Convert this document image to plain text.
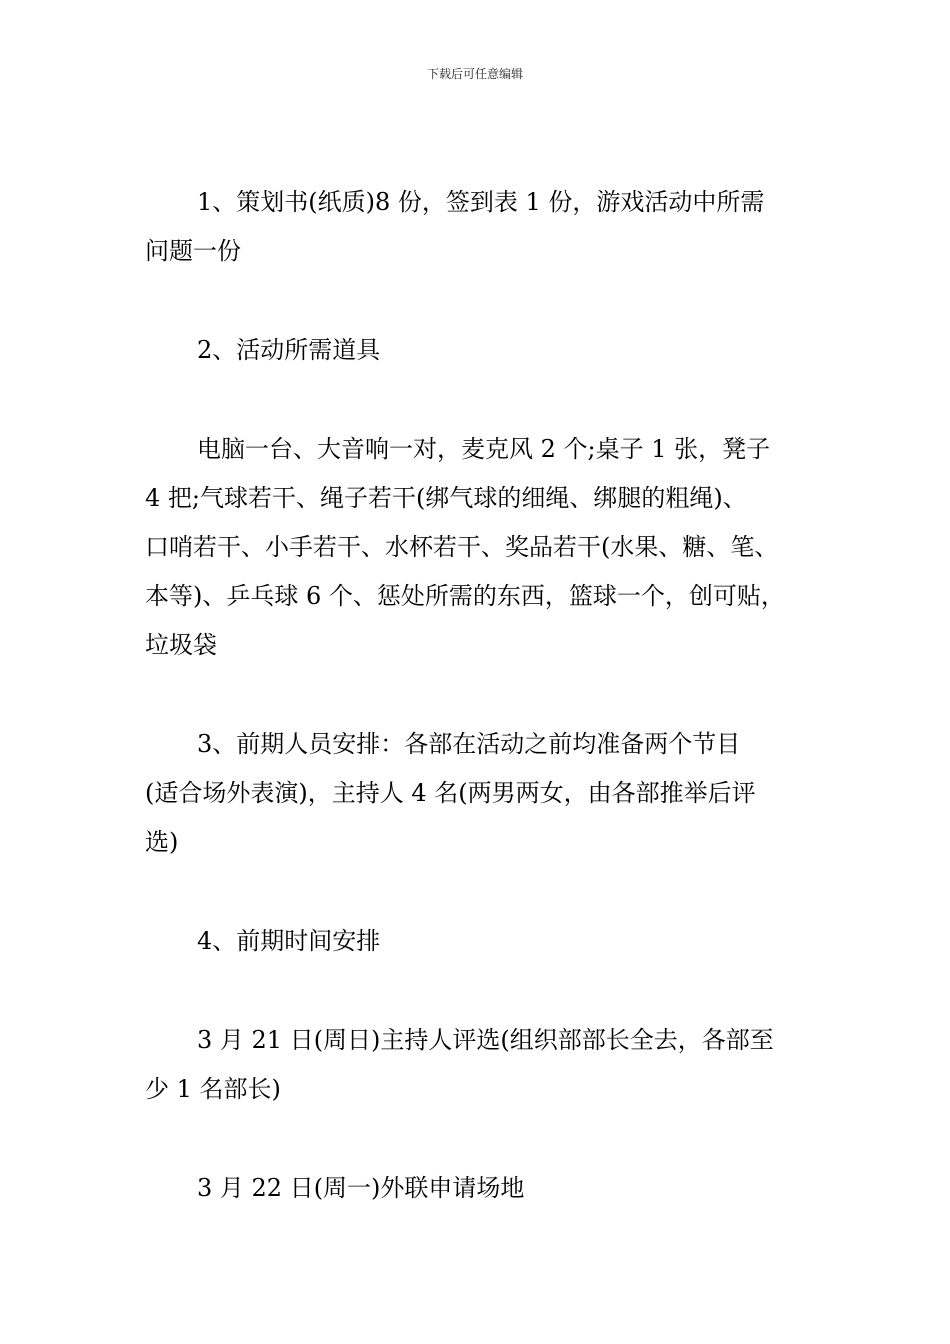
下载后可任意编辑
1、策划书(纸质)8 份，签到表 1 份，游戏活动中所需
问题一份
2、活动所需道具
电脑一台、大音响一对，麦克风 2 个;桌子 1 张，凳子
4 把;气球若干、绳子若干(绑气球的细绳、绑腿的粗绳)、
口哨若干、小手若干、水杯若干、奖品若干(水果、糖、笔、
本等)、乒乓球 6 个、惩处所需的东西，篮球一个，创可贴，
垃圾袋
3、前期人员安排：各部在活动之前均准备两个节目
(适合场外表演)，主持人 4 名(两男两女，由各部推举后评
选)
4、前期时间安排
3 月 21 日(周日)主持人评选(组织部部长全去，各部至
少 1 名部长)
3 月 22 日(周一)外联申请场地
